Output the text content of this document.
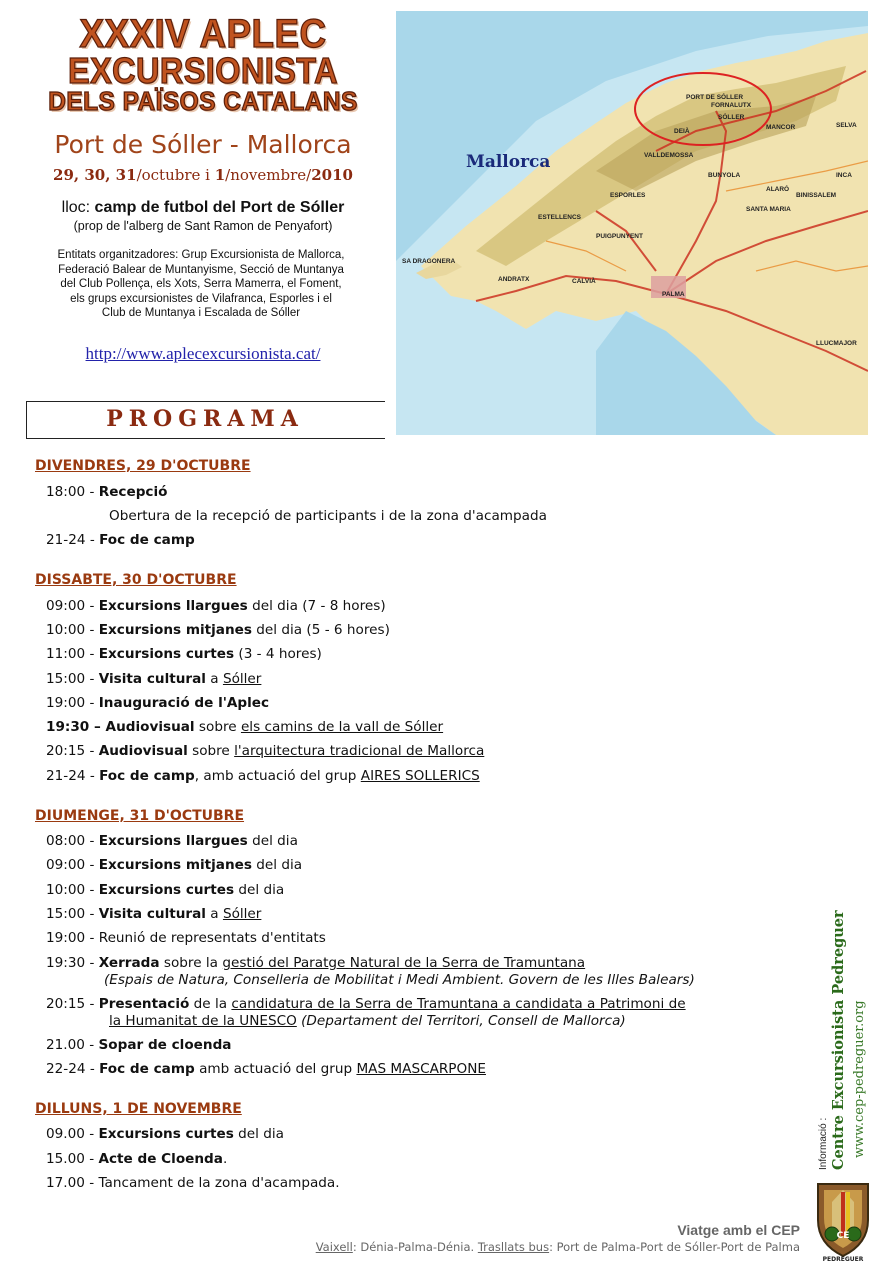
XXXIV APLEC
EXCURSIONISTA
DELS PAÏSOS CATALANS
Port de Sóller - Mallorca
29, 30, 31/octubre i 1/novembre/2010
lloc: camp de futbol del Port de Sóller
(prop de l'alberg de Sant Ramon de Penyafort)
Entitats organitzadores: Grup Excursionista de Mallorca,
Federació Balear de Muntanyisme, Secció de Muntanya
del Club Pollença, els Xots, Serra Mamerra, el Foment,
els grups excursionistes de Vilafranca, Esporles i el
Club de Muntanya i Escalada de Sóller
http://www.aplecexcursionista.cat/
Mallorca
PORT DE SÓLLER
FORNALUTX
SÓLLER
DEIÀ
VALLDEMOSSA
BUNYOLA
ALARÓ
ESTELLENCS
PUIGPUNYENT
SA DRAGONERA
ANDRATX	CALVIÀ
PALMA
LLUCMAJOR
SANTA MARIA
BINISSALEM
INCA
SELVA
ESPORLES
MANCOR
PROGRAMA
DIVENDRES, 29 D'OCTUBRE
18:00 - Recepció
Obertura de la recepció de participants i de la zona d'acampada
21-24 - Foc de camp
DISSABTE, 30 D'OCTUBRE
09:00 - Excursions llargues del dia (7 - 8 hores)
10:00 - Excursions mitjanes del dia (5 - 6 hores)
11:00 - Excursions curtes (3 - 4 hores)
15:00 - Visita cultural a Sóller
19:00 - Inauguració de l'Aplec
19:30 – Audiovisual sobre els camins de la vall de Sóller
20:15 - Audiovisual sobre l'arquitectura tradicional de Mallorca
21-24 - Foc de camp, amb actuació del grup AIRES SOLLERICS
DIUMENGE, 31 D'OCTUBRE
08:00 - Excursions llargues del dia
09:00 - Excursions mitjanes del dia
10:00 - Excursions curtes del dia
15:00 - Visita cultural a Sóller
19:00 - Reunió de representats d'entitats
19:30 - Xerrada sobre la gestió del Paratge Natural de la Serra de Tramuntana
(Espais de Natura, Conselleria de Mobilitat i Medi Ambient. Govern de les Illes Balears)
20:15 - Presentació de la candidatura de la Serra de Tramuntana a candidata a Patrimoni de
la Humanitat de la UNESCO (Departament del Territori, Consell de Mallorca)
21.00 - Sopar de cloenda
22-24 - Foc de camp amb actuació del grup MAS MASCARPONE
DILLUNS, 1 DE NOVEMBRE
09.00 - Excursions curtes del dia
15.00 - Acte de Cloenda.
17.00 - Tancament de la zona d'acampada.
Informació : Centre Excursionista Pedreguer www.cep-pedreguer.org
CE
PEDREGUER
Viatge amb el CEP
Vaixell: Dénia-Palma-Dénia. Trasllats bus: Port de Palma-Port de Sóller-Port de Palma
